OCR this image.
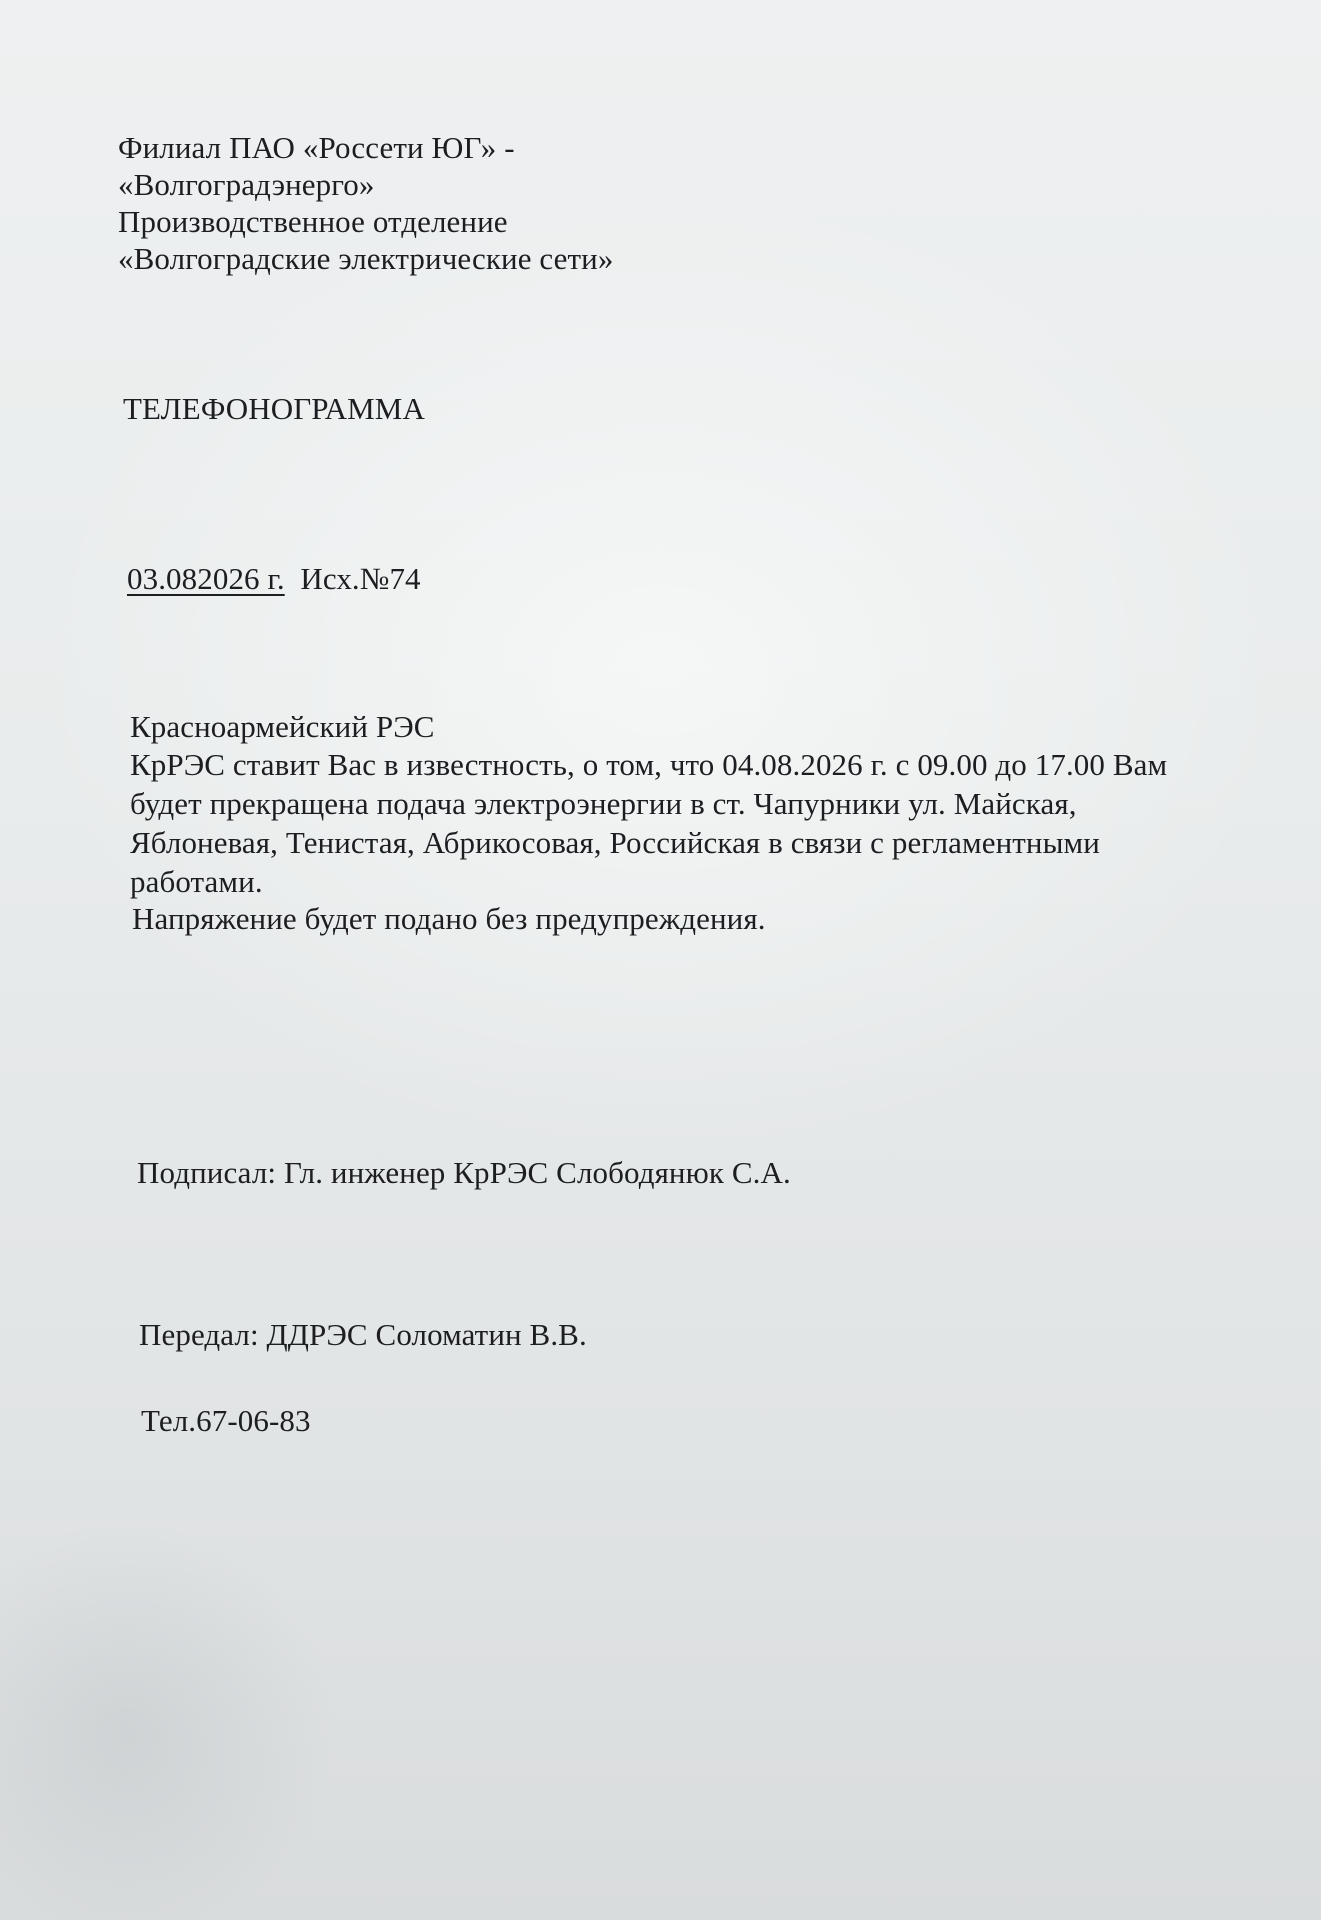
Филиал ПАО «Россети ЮГ» -

«Волгоградэнерго»

Производственное отделение

«Волгоградские электрические сети»

ТЕЛЕФОНОГРАММА

03.082026 г. Исх.№74

Красноармейский РЭС

КрРЭС ставит Вас в известность, о том, что 04.08.2026 г. с 09.00 до 17.00 Вам

будет прекращена подача электроэнергии в ст. Чапурники ул. Майская,

Яблоневая, Тенистая, Абрикосовая, Российская в связи с регламентными

работами.

Напряжение будет подано без предупреждения.

Подписал: Гл. инженер КрРЭС Слободянюк С.А.

Передал: ДДРЭС Соломатин В.В.

Тел.67-06-83
